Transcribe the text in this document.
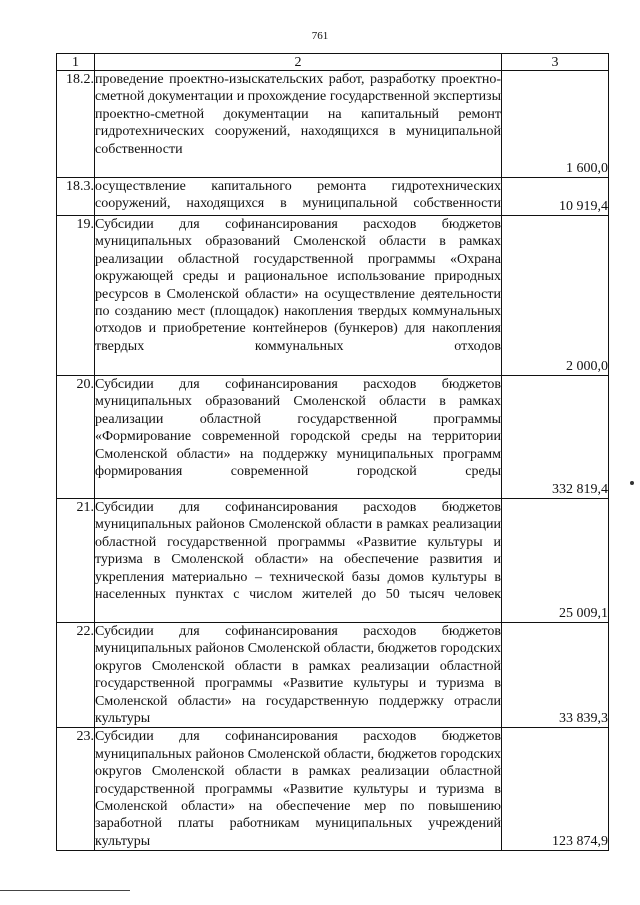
761
1	2	3
18.2.	проведение проектно-изыскательских работ, разработку проектно-сметной документации и прохождение государственной экспертизы проектно-сметной документации на капитальный ремонт гидротехнических сооружений, находящихся в муниципальной собственности	1 600,0
18.3.	осуществление капитального ремонта гидротехнических сооружений, находящихся в муниципальной собственности	10 919,4
19.	Субсидии для софинансирования расходов бюджетов муниципальных образований Смоленской области в рамках реализации областной государственной программы «Охрана окружающей среды и рациональное использование природных ресурсов в Смоленской области» на осуществление деятельности по созданию мест (площадок) накопления твердых коммунальных отходов и приобретение контейнеров (бункеров) для накопления твердых коммунальных отходов	2 000,0
20.	Субсидии для софинансирования расходов бюджетов муниципальных образований Смоленской области в рамках реализации областной государственной программы «Формирование современной городской среды на территории Смоленской области» на поддержку муниципальных программ формирования современной городской среды	332 819,4
21.	Субсидии для софинансирования расходов бюджетов муниципальных районов Смоленской области в рамках реализации областной государственной программы «Развитие культуры и туризма в Смоленской области» на обеспечение развития и укрепления материально – технической базы домов культуры в населенных пунктах с числом жителей до 50 тысяч человек	25 009,1
22.	Субсидии для софинансирования расходов бюджетов муниципальных районов Смоленской области, бюджетов городских округов Смоленской области в рамках реализации областной государственной программы «Развитие культуры и туризма в Смоленской области» на государственную поддержку отрасли культуры	33 839,3
23.	Субсидии для софинансирования расходов бюджетов муниципальных районов Смоленской области, бюджетов городских округов Смоленской области в рамках реализации областной государственной программы «Развитие культуры и туризма в Смоленской области» на обеспечение мер по повышению заработной платы работникам муниципальных учреждений культуры	123 874,9
